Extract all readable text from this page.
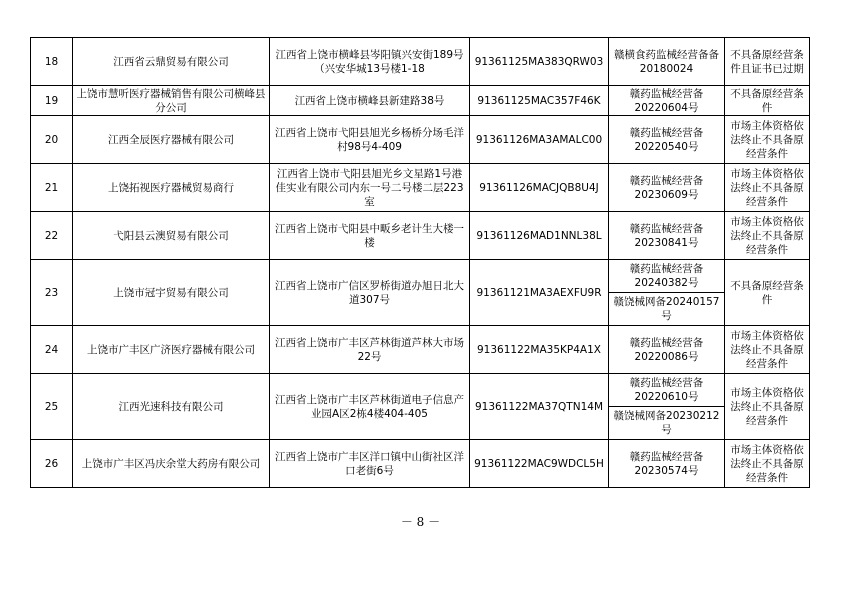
18	江西省云鼎贸易有限公司	江西省上饶市横峰县岑阳镇兴安街189号（兴安华城13号楼1-18	91361125MA383QRW03	赣横食药监械经营备备20180024	不具备原经营条件且证书已过期
19	上饶市慧听医疗器械销售有限公司横峰县分公司	江西省上饶市横峰县新建路38号	91361125MAC357F46K	赣药监械经营备20220604号	不具备原经营条件
20	江西全辰医疗器械有限公司	江西省上饶市弋阳县旭光乡杨桥分场毛洋村98号4-409	91361126MA3AMALC00	赣药监械经营备20220540号	市场主体资格依法终止不具备原经营条件
21	上饶拓视医疗器械贸易商行	江西省上饶市弋阳县旭光乡文星路1号港佳实业有限公司内东一号二号楼二层223室	91361126MACJQB8U4J	赣药监械经营备20230609号	市场主体资格依法终止不具备原经营条件
22	弋阳县云澳贸易有限公司	江西省上饶市弋阳县中畈乡老计生大楼一楼	91361126MAD1NNL38L	赣药监械经营备20230841号	市场主体资格依法终止不具备原经营条件
23	上饶市冠宇贸易有限公司	江西省上饶市广信区罗桥街道办旭日北大道307号	91361121MA3AEXFU9R	赣药监械经营备20240382号	不具备原经营条件
				赣饶械网备20240157号	
24	上饶市广丰区广济医疗器械有限公司	江西省上饶市广丰区芦林街道芦林大市场22号	91361122MA35KP4A1X	赣药监械经营备20220086号	市场主体资格依法终止不具备原经营条件
25	江西光速科技有限公司	江西省上饶市广丰区芦林街道电子信息产业园A区2栋4楼404-405	91361122MA37QTN14M	赣药监械经营备20220610号	市场主体资格依法终止不具备原经营条件
				赣饶械网备20230212号	
26	上饶市广丰区冯庆余堂大药房有限公司	江西省上饶市广丰区洋口镇中山街社区洋口老街6号	91361122MAC9WDCL5H	赣药监械经营备20230574号	市场主体资格依法终止不具备原经营条件
－ 8 －
